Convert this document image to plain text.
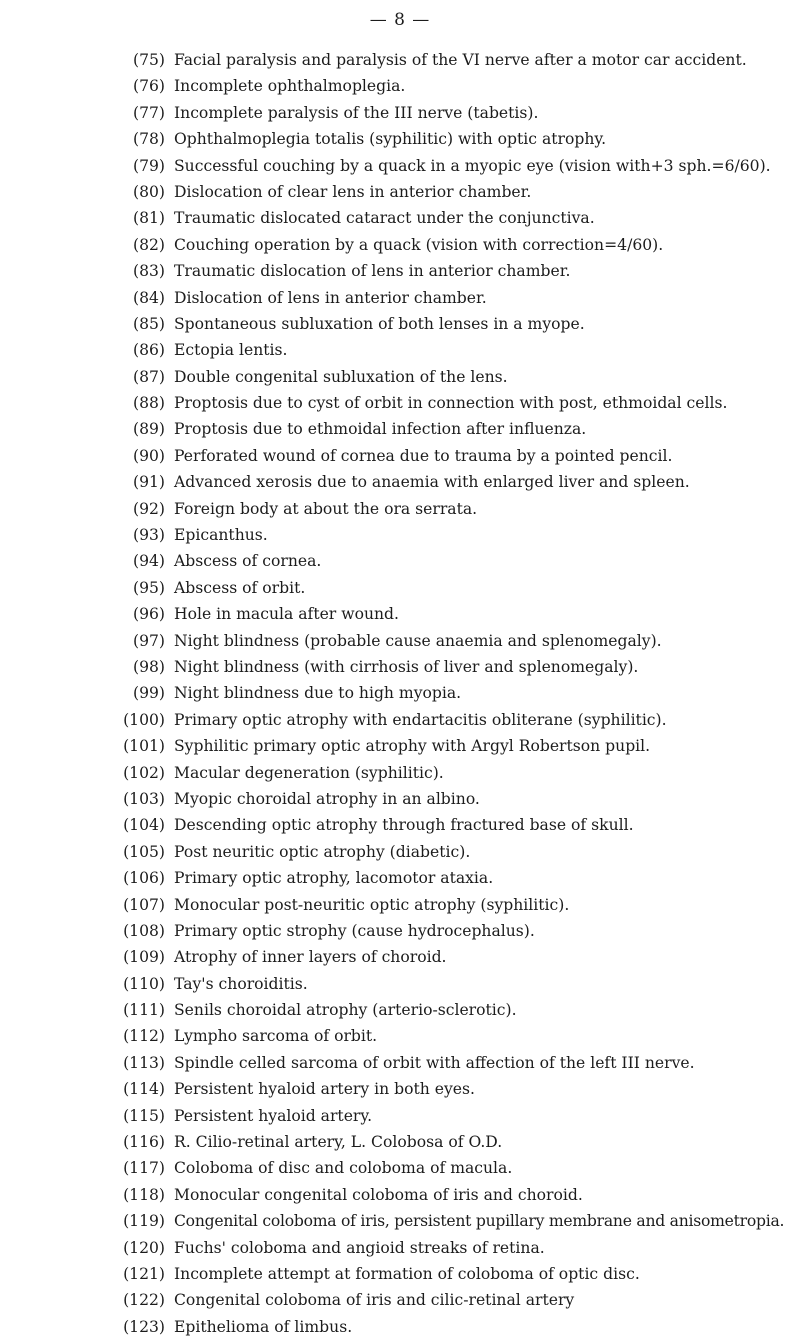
— 8 —
(75) Facial paralysis and paralysis of the VI nerve after a motor car accident.
(76) Incomplete ophthalmoplegia.
(77) Incomplete paralysis of the III nerve (tabetis).
(78) Ophthalmoplegia totalis (syphilitic) with optic atrophy.
(79) Successful couching by a quack in a myopic eye (vision with+3 sph.=6/60).
(80) Dislocation of clear lens in anterior chamber.
(81) Traumatic dislocated cataract under the conjunctiva.
(82) Couching operation by a quack (vision with correction=4/60).
(83) Traumatic dislocation of lens in anterior chamber.
(84) Dislocation of lens in anterior chamber.
(85) Spontaneous subluxation of both lenses in a myope.
(86) Ectopia lentis.
(87) Double congenital subluxation of the lens.
(88) Proptosis due to cyst of orbit in connection with post, ethmoidal cells.
(89) Proptosis due to ethmoidal infection after influenza.
(90) Perforated wound of cornea due to trauma by a pointed pencil.
(91) Advanced xerosis due to anaemia with enlarged liver and spleen.
(92) Foreign body at about the ora serrata.
(93) Epicanthus.
(94) Abscess of cornea.
(95) Abscess of orbit.
(96) Hole in macula after wound.
(97) Night blindness (probable cause anaemia and splenomegaly).
(98) Night blindness (with cirrhosis of liver and splenomegaly).
(99) Night blindness due to high myopia.
(100) Primary optic atrophy with endartacitis obliterane (syphilitic).
(101) Syphilitic primary optic atrophy with Argyl Robertson pupil.
(102) Macular degeneration (syphilitic).
(103) Myopic choroidal atrophy in an albino.
(104) Descending optic atrophy through fractured base of skull.
(105) Post neuritic optic atrophy (diabetic).
(106) Primary optic atrophy, lacomotor ataxia.
(107) Monocular post-neuritic optic atrophy (syphilitic).
(108) Primary optic strophy (cause hydrocephalus).
(109) Atrophy of inner layers of choroid.
(110) Tay's choroiditis.
(111) Senils choroidal atrophy (arterio-sclerotic).
(112) Lympho sarcoma of orbit.
(113) Spindle celled sarcoma of orbit with affection of the left III nerve.
(114) Persistent hyaloid artery in both eyes.
(115) Persistent hyaloid artery.
(116) R. Cilio-retinal artery, L. Colobosa of O.D.
(117) Coloboma of disc and coloboma of macula.
(118) Monocular congenital coloboma of iris and choroid.
(119) Congenital coloboma of iris, persistent pupillary membrane and anisometropia.
(120) Fuchs' coloboma and angioid streaks of retina.
(121) Incomplete attempt at formation of coloboma of optic disc.
(122) Congenital coloboma of iris and cilic-retinal artery
(123) Epithelioma of limbus.
